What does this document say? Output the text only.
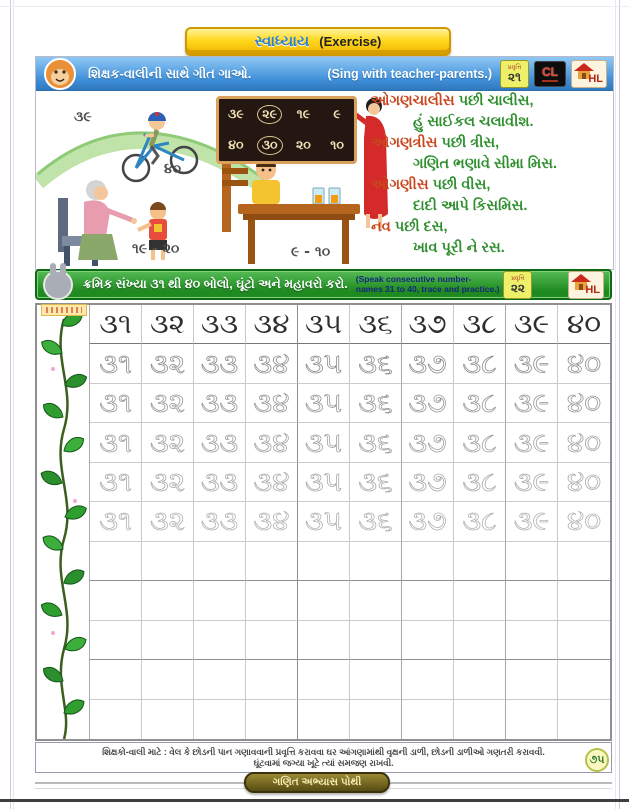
સ્વાધ્યાય (Exercise)
શિક્ષક-વાલીની સાથે ગીત ગાઓ.	(Sing with teacher-parents.)	પ્રવૃત્તિ
૨૧ CL	HL
૩૯	૨૯	૧૯ ૯
૪૦	૩૦	૨૦ ૧૦
૩૯
૪૦
૧૯ - ૨૦	૯ - ૧૦
ઓગણચાલીસ પછી ચાલીસ,
હું સાઈકલ ચલાવીશ.
ઓગણત્રીસ પછી ત્રીસ,
ગણિત ભણાવે સીમા મિસ.
ઓગણીસ પછી વીસ,
દાદી આપે કિસમિસ.
નવ પછી દસ,
ખાવ પૂરી ને રસ.
ક્રમિક સંખ્યા ૩૧ થી ૪૦ બોલો, ઘૂંટો અને મહાવરો કરો. (Speak consecutive number-
names 31 to 40, trace and practice.)
પ્રવૃત્તિ
૨૨	HL
૩૧ ૩૨ ૩૩ ૩૪ ૩૫ ૩૬ ૩૭ ૩૮ ૩૯ ૪૦
૩૧ ૩૨ ૩૩ ૩૪ ૩૫ ૩૬ ૩૭ ૩૮ ૩૯ ૪૦
૩૧ ૩૨ ૩૩ ૩૪ ૩૫ ૩૬ ૩૭ ૩૮ ૩૯ ૪૦
૩૧ ૩૨ ૩૩ ૩૪ ૩૫ ૩૬ ૩૭ ૩૮ ૩૯ ૪૦
૩૧ ૩૨ ૩૩ ૩૪ ૩૫ ૩૬ ૩૭ ૩૮ ૩૯ ૪૦
૩૧ ૩૨ ૩૩ ૩૪ ૩૫ ૩૬ ૩૭ ૩૮ ૩૯ ૪૦
શિક્ષકો-વાલી માટે : વેલ કે છોડની પાન ગણાવવાની પ્રવૃત્તિ કરાવવા ઘર આંગણામાંથી વૃક્ષની ડાળી, છોડની ડાળીઓ ગણતરી કરાવવી.
ઘૂંટવામાં જગ્યા ખૂટે ત્યાં સમજણ રાખવી.	૭૫
ગણિત અભ્યાસ પોથી
